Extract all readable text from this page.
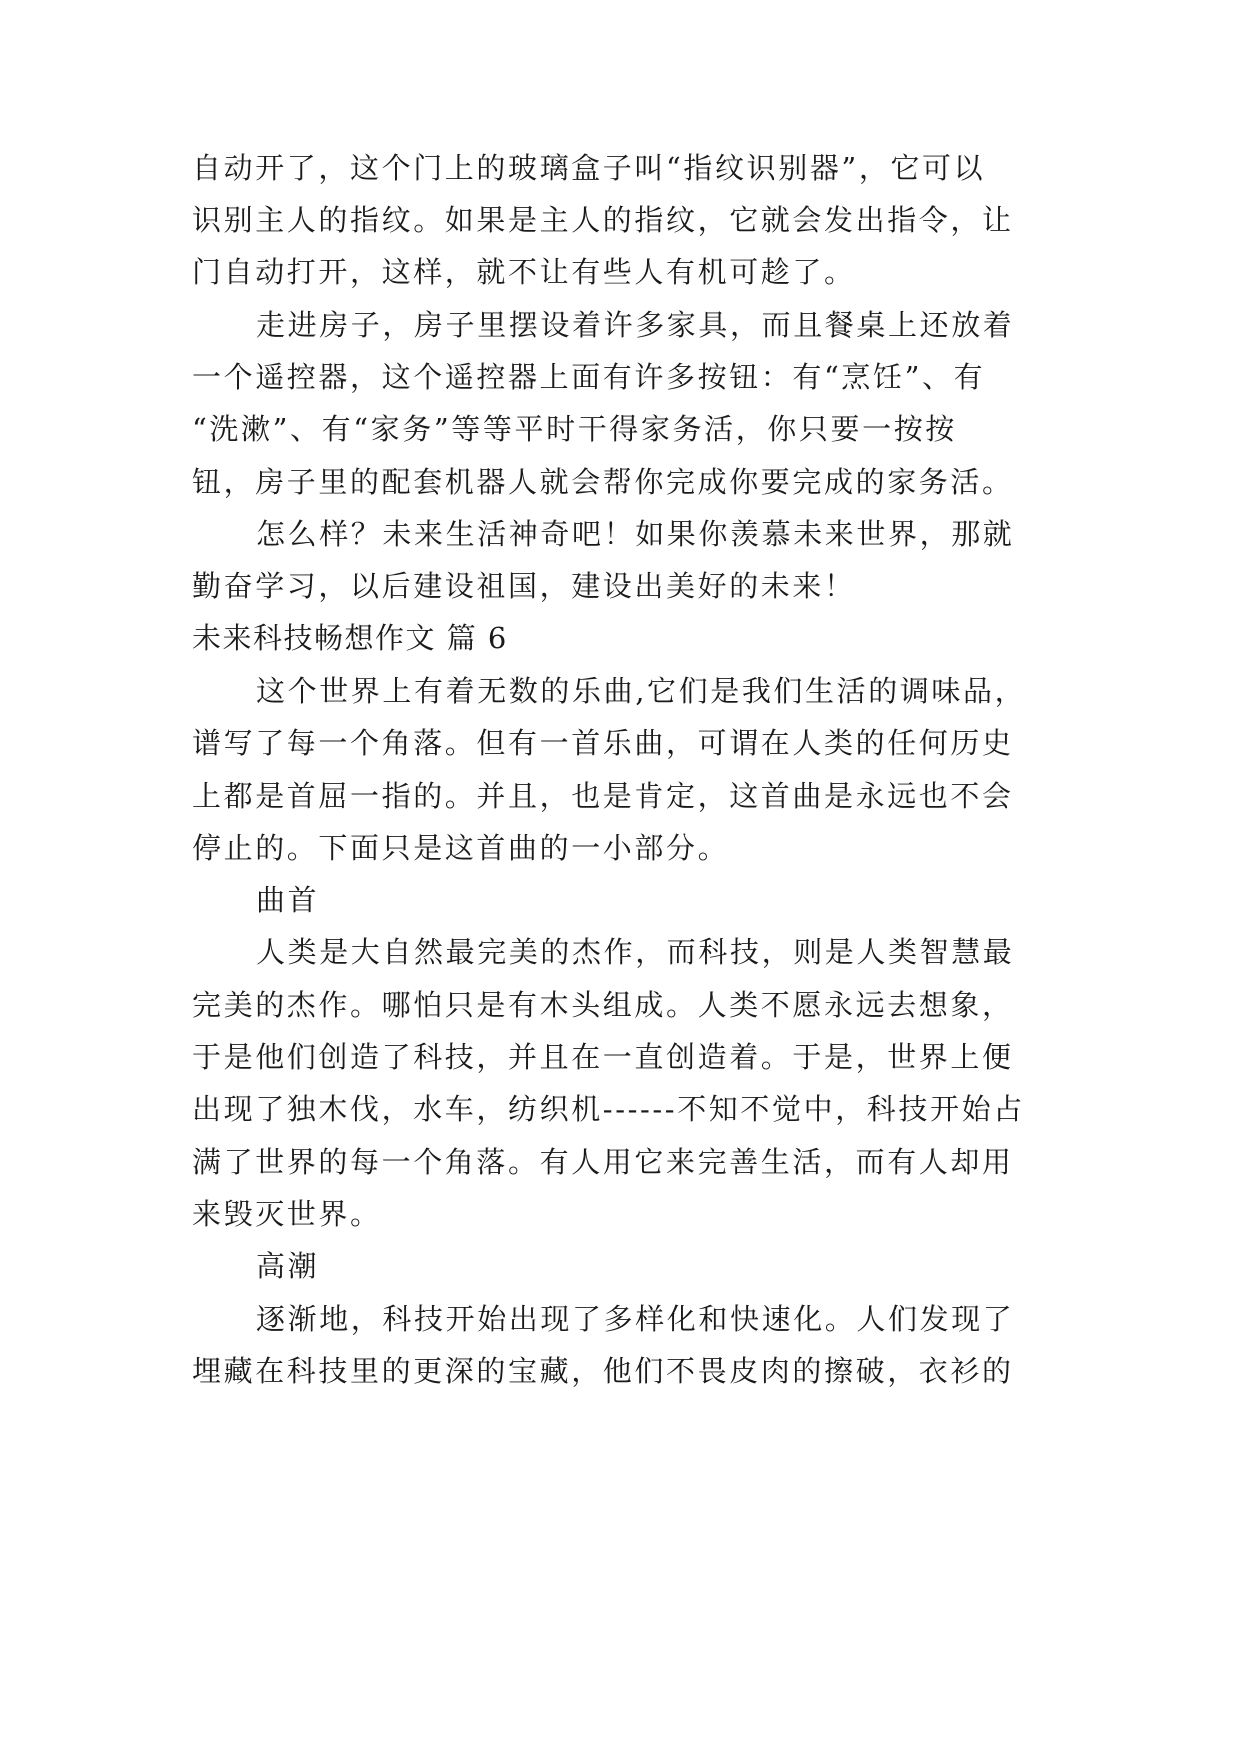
自动开了，这个门上的玻璃盒子叫“指纹识别器”，它可以
识别主人的指纹。如果是主人的指纹，它就会发出指令，让
门自动打开，这样，就不让有些人有机可趁了。
走进房子，房子里摆设着许多家具，而且餐桌上还放着
一个遥控器，这个遥控器上面有许多按钮：有“烹饪”、有
“洗漱”、有“家务”等等平时干得家务活，你只要一按按
钮，房子里的配套机器人就会帮你完成你要完成的家务活。
怎么样？未来生活神奇吧！如果你羡慕未来世界，那就
勤奋学习，以后建设祖国，建设出美好的未来！
未来科技畅想作文 篇 6
这个世界上有着无数的乐曲,它们是我们生活的调味品，
谱写了每一个角落。但有一首乐曲，可谓在人类的任何历史
上都是首屈一指的。并且，也是肯定，这首曲是永远也不会
停止的。下面只是这首曲的一小部分。
曲首
人类是大自然最完美的杰作，而科技，则是人类智慧最
完美的杰作。哪怕只是有木头组成。人类不愿永远去想象，
于是他们创造了科技，并且在一直创造着。于是，世界上便
出现了独木伐，水车，纺织机------不知不觉中，科技开始占
满了世界的每一个角落。有人用它来完善生活，而有人却用
来毁灭世界。
高潮
逐渐地，科技开始出现了多样化和快速化。人们发现了
埋藏在科技里的更深的宝藏，他们不畏皮肉的擦破，衣衫的
